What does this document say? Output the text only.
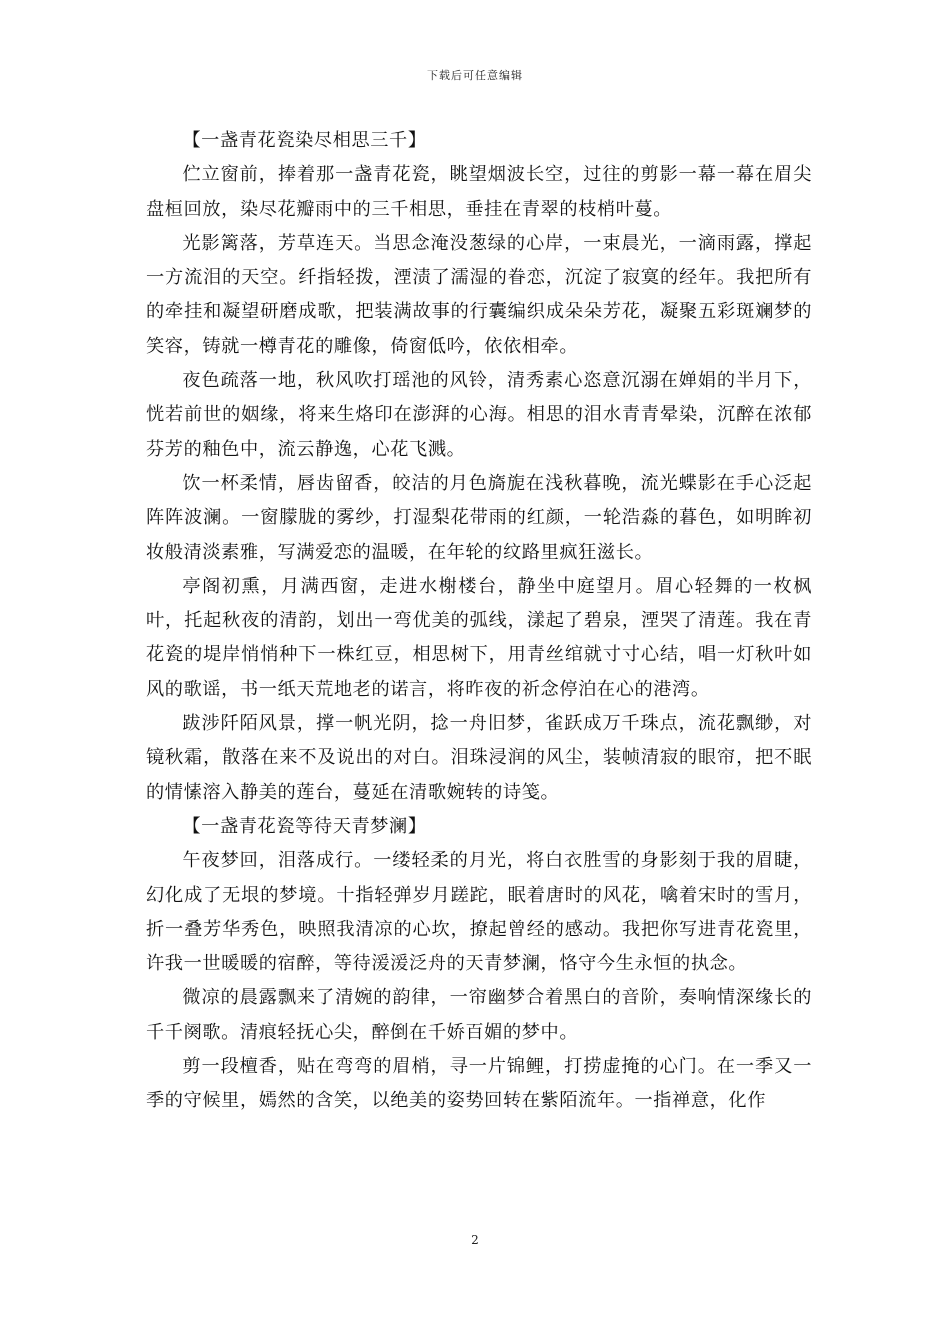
下载后可任意编辑

【一盏青花瓷染尽相思三千】

伫立窗前，捧着那一盏青花瓷，眺望烟波长空，过往的剪影一幕一幕在眉尖盘桓回放，染尽花瓣雨中的三千相思，垂挂在青翠的枝梢叶蔓。

光影篱落，芳草连天。当思念淹没葱绿的心岸，一束晨光，一滴雨露，撑起一方流泪的天空。纤指轻拨，湮渍了濡湿的眷恋，沉淀了寂寞的经年。我把所有的牵挂和凝望研磨成歌，把装满故事的行囊编织成朵朵芳花，凝聚五彩斑斓梦的笑容，铸就一樽青花的雕像，倚窗低吟，依依相牵。

夜色疏落一地，秋风吹打瑶池的风铃，清秀素心恣意沉溺在婵娟的半月下，恍若前世的姻缘，将来生烙印在澎湃的心海。相思的泪水青青晕染，沉醉在浓郁芬芳的釉色中，流云静逸，心花飞溅。

饮一杯柔情，唇齿留香，皎洁的月色旖旎在浅秋暮晚，流光蝶影在手心泛起阵阵波澜。一窗朦胧的雾纱，打湿梨花带雨的红颜，一轮浩淼的暮色，如明眸初妆般清淡素雅，写满爱恋的温暖，在年轮的纹路里疯狂滋长。

亭阁初熏，月满西窗，走进水榭楼台，静坐中庭望月。眉心轻舞的一枚枫叶，托起秋夜的清韵，划出一弯优美的弧线，漾起了碧泉，湮哭了清莲。我在青花瓷的堤岸悄悄种下一株红豆，相思树下，用青丝绾就寸寸心结，唱一灯秋叶如风的歌谣，书一纸天荒地老的诺言，将昨夜的祈念停泊在心的港湾。

跋涉阡陌风景，撑一帆光阴，捻一舟旧梦，雀跃成万千珠点，流花飘缈，对镜秋霜，散落在来不及说出的对白。泪珠浸润的风尘，装帧清寂的眼帘，把不眠的情愫溶入静美的莲台，蔓延在清歌婉转的诗笺。

【一盏青花瓷等待天青梦澜】

午夜梦回，泪落成行。一缕轻柔的月光，将白衣胜雪的身影刻于我的眉睫，幻化成了无垠的梦境。十指轻弹岁月蹉跎，眠着唐时的风花，噙着宋时的雪月，折一叠芳华秀色，映照我清凉的心坎，撩起曾经的感动。我把你写进青花瓷里，许我一世暖暖的宿醉，等待湲湲泛舟的天青梦澜，恪守今生永恒的执念。

微凉的晨露飘来了清婉的韵律，一帘幽梦合着黑白的音阶，奏响情深缘长的千千阕歌。清痕轻抚心尖，醉倒在千娇百媚的梦中。

剪一段檀香，贴在弯弯的眉梢，寻一片锦鲤，打捞虚掩的心门。在一季又一季的守候里，嫣然的含笑，以绝美的姿势回转在紫陌流年。一指禅意，化作

2
